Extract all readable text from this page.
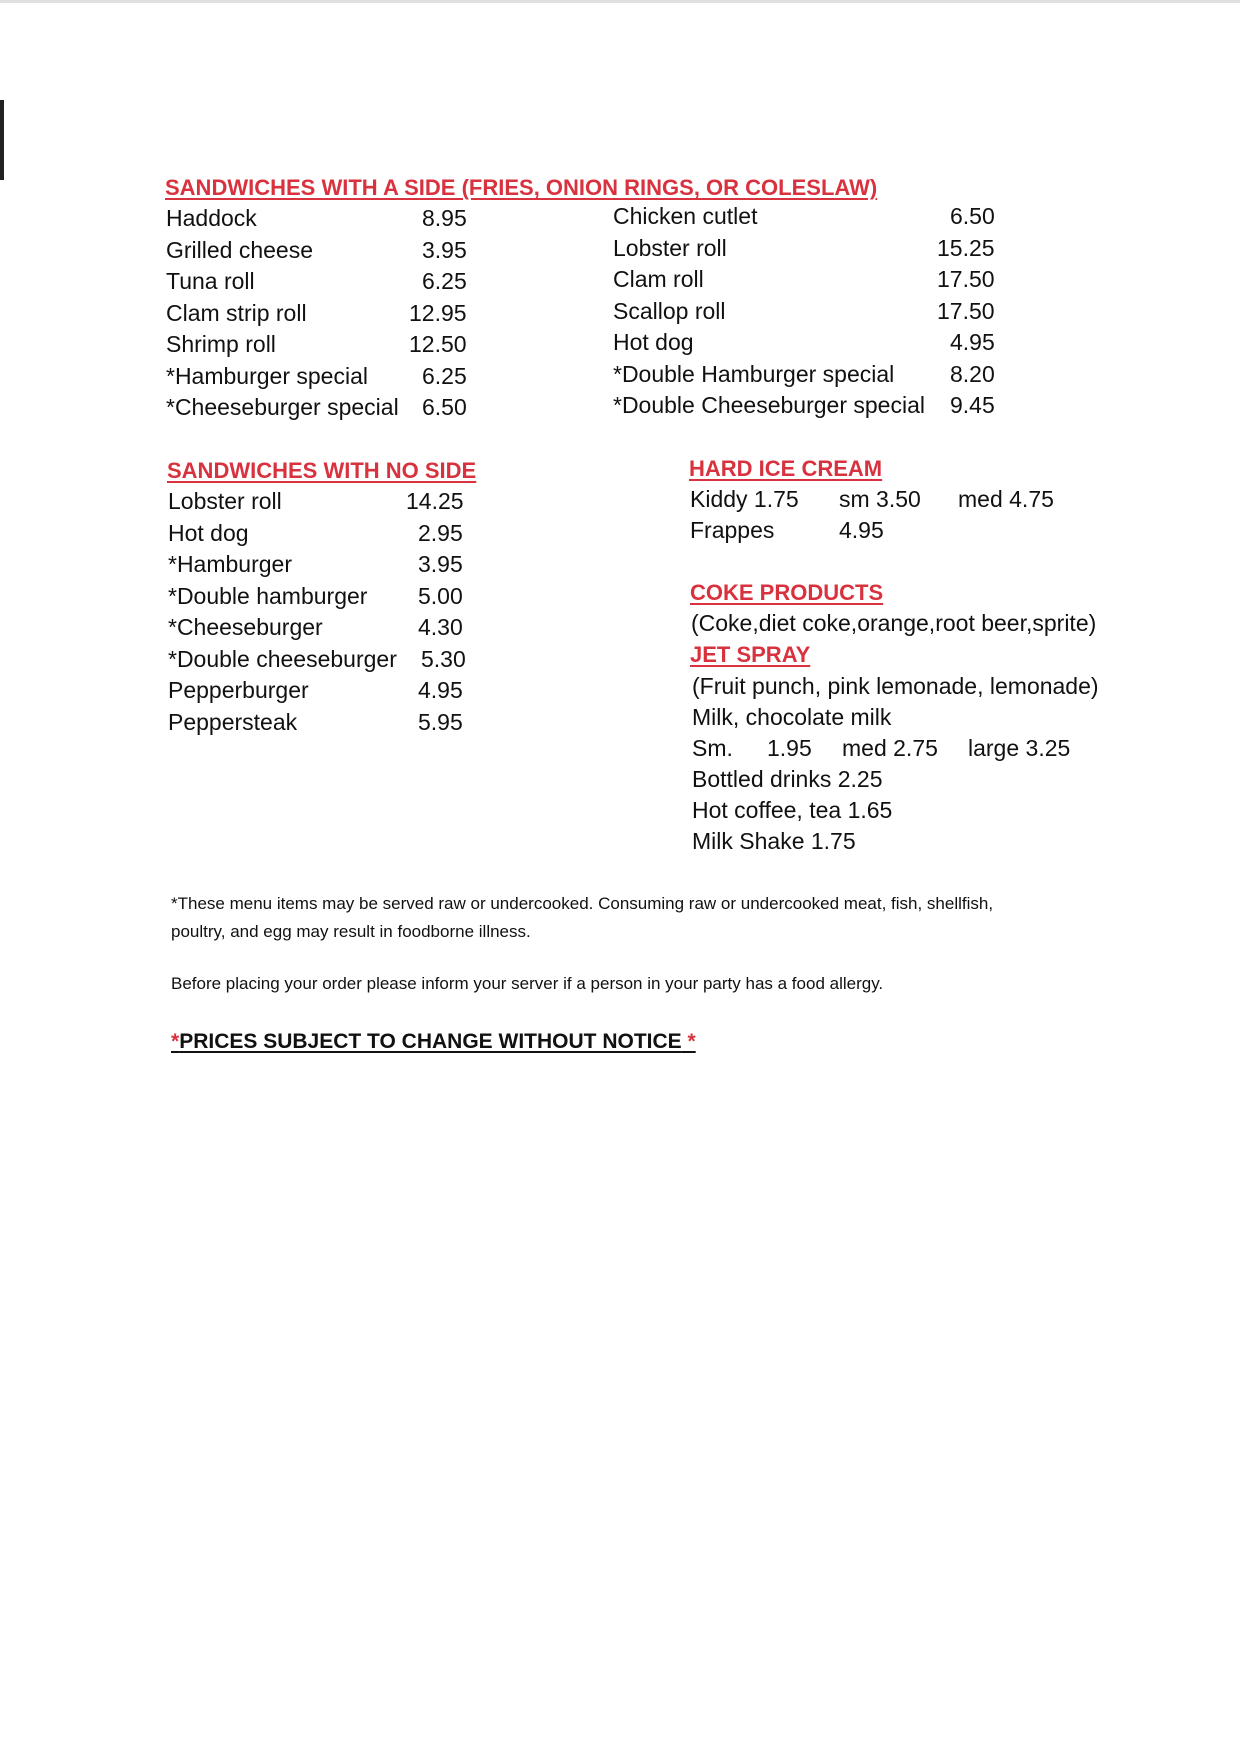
SANDWICHES WITH A SIDE (FRIES, ONION RINGS, OR COLESLAW)
Haddock	8.95
Grilled cheese	3.95
Tuna roll	6.25
Clam strip roll	12.95
Shrimp roll	12.50
*Hamburger special 6.25
*Cheeseburger special 6.50
Chicken cutlet	6.50
Lobster roll	15.25
Clam roll	17.50
Scallop roll	17.50
Hot dog	4.95
*Double Hamburger special 8.20
*Double Cheeseburger special 9.45
SANDWICHES WITH NO SIDE
Lobster roll	14.25
Hot dog	2.95
*Hamburger	3.95
*Double hamburger 5.00
*Cheeseburger	4.30
*Double cheeseburger 5.30
Pepperburger	4.95
Peppersteak	5.95
HARD ICE CREAM
Kiddy 1.75 sm 3.50 med 4.75
Frappes	4.95
COKE PRODUCTS
(Coke,diet coke,orange,root beer,sprite)
JET SPRAY
(Fruit punch, pink lemonade, lemonade)
Milk, chocolate milk
Sm. 1.95 med 2.75 large 3.25
Bottled drinks 2.25
Hot coffee, tea 1.65
Milk Shake 1.75
*These menu items may be served raw or undercooked. Consuming raw or undercooked meat, fish, shellfish,
poultry, and egg may result in foodborne illness.
Before placing your order please inform your server if a person in your party has a food allergy.
*PRICES SUBJECT TO CHANGE WITHOUT NOTICE *
